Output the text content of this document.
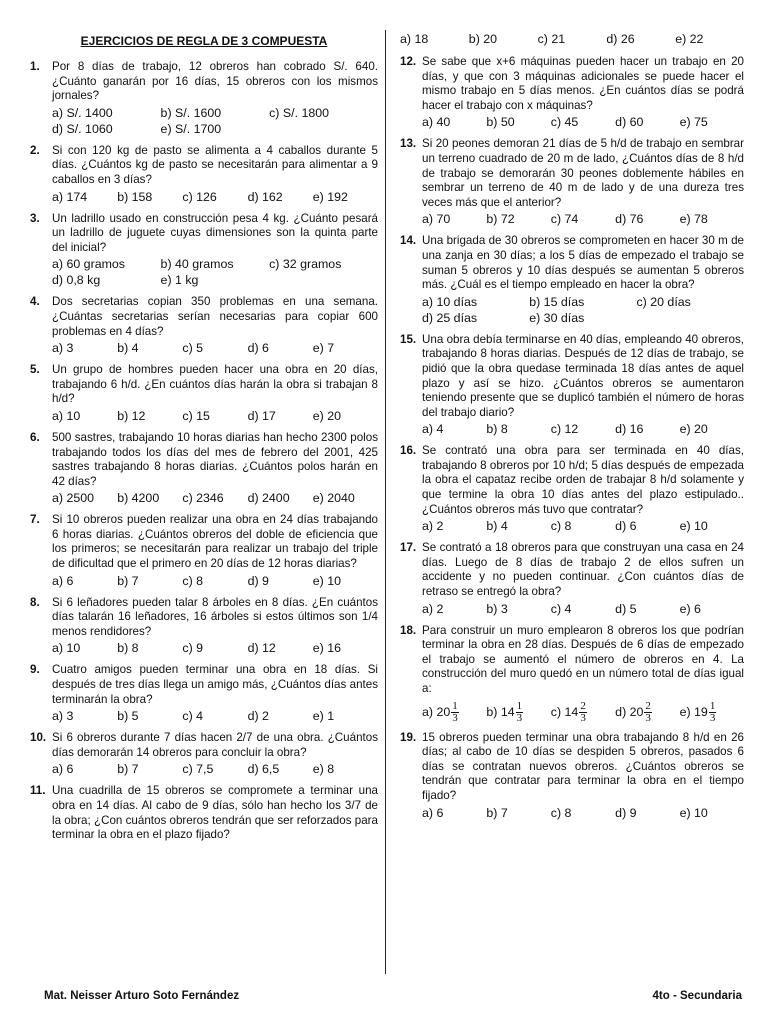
EJERCICIOS DE REGLA DE 3 COMPUESTA
1. Por 8 días de trabajo, 12 obreros han cobrado S/. 640. ¿Cuánto ganarán por 16 días, 15 obreros con los mismos jornales?
a) S/. 1400	b) S/. 1600	c) S/. 1800
d) S/. 1060	e) S/. 1700
2. Si con 120 kg de pasto se alimenta a 4 caballos durante 5 días. ¿Cuántos kg de pasto se necesitarán para alimentar a 9 caballos en 3 días?
a) 174	b) 158	c) 126	d) 162	e) 192
3. Un ladrillo usado en construcción pesa 4 kg. ¿Cuánto pesará un ladrillo de juguete cuyas dimensiones son la quinta parte del inicial?
a) 60 gramos	b) 40 gramos	c) 32 gramos
d) 0,8 kg	e) 1 kg
4. Dos secretarias copian 350 problemas en una semana. ¿Cuántas secretarias serían necesarias para copiar 600 problemas en 4 días?
a) 3	b) 4	c) 5	d) 6	e) 7
5. Un grupo de hombres pueden hacer una obra en 20 días, trabajando 6 h/d. ¿En cuántos días harán la obra si trabajan 8 h/d?
a) 10	b) 12	c) 15	d) 17	e) 20
6. 500 sastres, trabajando 10 horas diarias han hecho 2300 polos trabajando todos los días del mes de febrero del 2001, 425 sastres trabajando 8 horas diarias. ¿Cuántos polos harán en 42 días?
a) 2500	b) 4200	c) 2346	d) 2400	e) 2040
7. Si 10 obreros pueden realizar una obra en 24 días trabajando 6 horas diarias. ¿Cuántos obreros del doble de eficiencia que los primeros; se necesitarán para realizar un trabajo del triple de dificultad que el primero en 20 días de 12 horas diarias?
a) 6	b) 7	c) 8	d) 9	e) 10
8. Si 6 leñadores pueden talar 8 árboles en 8 días. ¿En cuántos días talarán 16 leñadores, 16 árboles si estos últimos son 1/4 menos rendidores?
a) 10	b) 8	c) 9	d) 12	e) 16
9. Cuatro amigos pueden terminar una obra en 18 días. Si después de tres días llega un amigo más, ¿Cuántos días antes terminarán la obra?
a) 3	b) 5	c) 4	d) 2	e) 1
10. Si 6 obreros durante 7 días hacen 2/7 de una obra. ¿Cuántos días demorarán 14 obreros para concluir la obra?
a) 6	b) 7	c) 7,5	d) 6,5	e) 8
11. Una cuadrilla de 15 obreros se compromete a terminar una obra en 14 días. Al cabo de 9 días, sólo han hecho los 3/7 de la obra; ¿Con cuántos obreros tendrán que ser reforzados para terminar la obra en el plazo fijado?
a) 18	b) 20	c) 21	d) 26	e) 22
12. Se sabe que x+6 máquinas pueden hacer un trabajo en 20 días, y que con 3 máquinas adicionales se puede hacer el mismo trabajo en 5 días menos. ¿En cuántos días se podrá hacer el trabajo con x máquinas?
a) 40	b) 50	c) 45	d) 60	e) 75
13. Si 20 peones demoran 21 días de 5 h/d de trabajo en sembrar un terreno cuadrado de 20 m de lado, ¿Cuántos días de 8 h/d de trabajo se demorarán 30 peones doblemente hábiles en sembrar un terreno de 40 m de lado y de una dureza tres veces más que el anterior?
a) 70	b) 72	c) 74	d) 76	e) 78
14. Una brigada de 30 obreros se comprometen en hacer 30 m de una zanja en 30 días; a los 5 días de empezado el trabajo se suman 5 obreros y 10 días después se aumentan 5 obreros más. ¿Cuál es el tiempo empleado en hacer la obra?
a) 10 días	b) 15 días	c) 20 días
d) 25 días	e) 30 días
15. Una obra debía terminarse en 40 días, empleando 40 obreros, trabajando 8 horas diarias. Después de 12 días de trabajo, se pidió que la obra quedase terminada 18 días antes de aquel plazo y así se hizo. ¿Cuántos obreros se aumentaron teniendo presente que se duplicó también el número de horas del trabajo diario?
a) 4	b) 8	c) 12	d) 16	e) 20
16. Se contrató una obra para ser terminada en 40 días, trabajando 8 obreros por 10 h/d; 5 días después de empezada la obra el capataz recibe orden de trabajar 8 h/d solamente y que termine la obra 10 días antes del plazo estipulado.. ¿Cuántos obreros más tuvo que contratar?
a) 2	b) 4	c) 8	d) 6	e) 10
17. Se contrató a 18 obreros para que construyan una casa en 24 días. Luego de 8 días de trabajo 2 de ellos sufren un accidente y no pueden continuar. ¿Con cuántos días de retraso se entregó la obra?
a) 2	b) 3	c) 4	d) 5	e) 6
18. Para construir un muro emplearon 8 obreros los que podrían terminar la obra en 28 días. Después de 6 días de empezado el trabajo se aumentó el número de obreros en 4. La construcción del muro quedó en un número total de días igual a:
a) $20 \frac{1}{3} b$) $14 \frac{1}{3} c$) $14 \frac{2}{3} d$) $20 \frac{2}{3} e$) $19 \frac{1}{3}$
19. 15 obreros pueden terminar una obra trabajando 8 h/d en 26 días; al cabo de 10 días se despiden 5 obreros, pasados 6 días se contratan nuevos obreros. ¿Cuántos obreros se tendrán que contratar para terminar la obra en el tiempo fijado?
a) 6	b) 7	c) 8	d) 9	e) 10
Mat. Neisser Arturo Soto Fernández	4to - Secundaria
